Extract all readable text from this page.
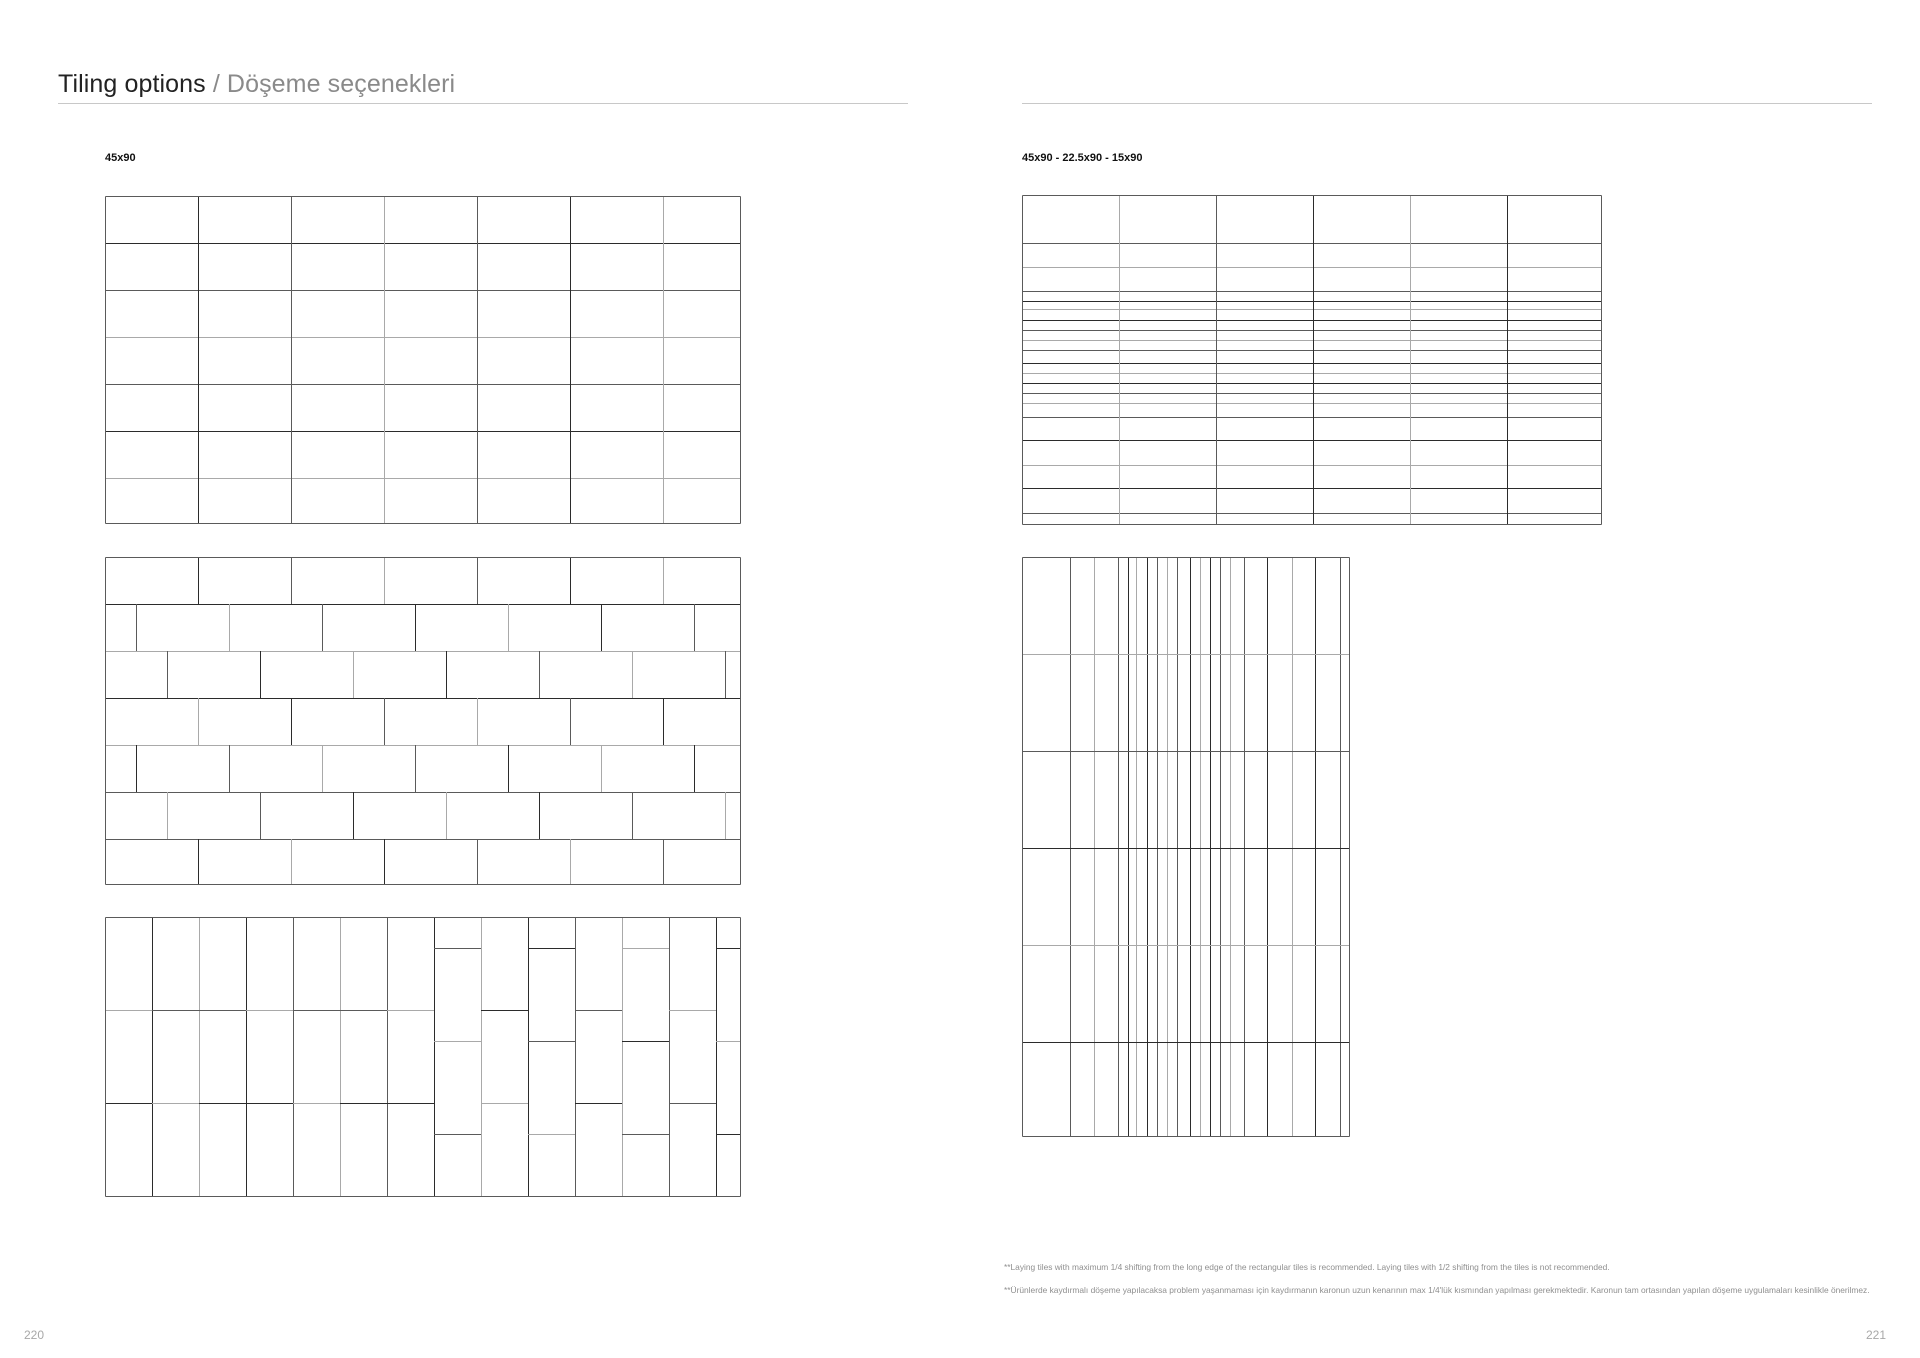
Tiling options / Döşeme seçenekleri
45x90
220
45x90 - 22.5x90 - 15x90
**Laying tiles with maximum 1/4 shifting from the long edge of the rectangular tiles is recommended. Laying tiles with 1/2 shifting from the tiles is not recommended.
**Ürünlerde kaydırmalı döşeme yapılacaksa problem yaşanmaması için kaydırmanın karonun uzun kenarının max 1/4'lük kısmından yapılması gerekmektedir. Karonun tam ortasından yapılan döşeme uygulamaları kesinlikle önerilmez.
221
